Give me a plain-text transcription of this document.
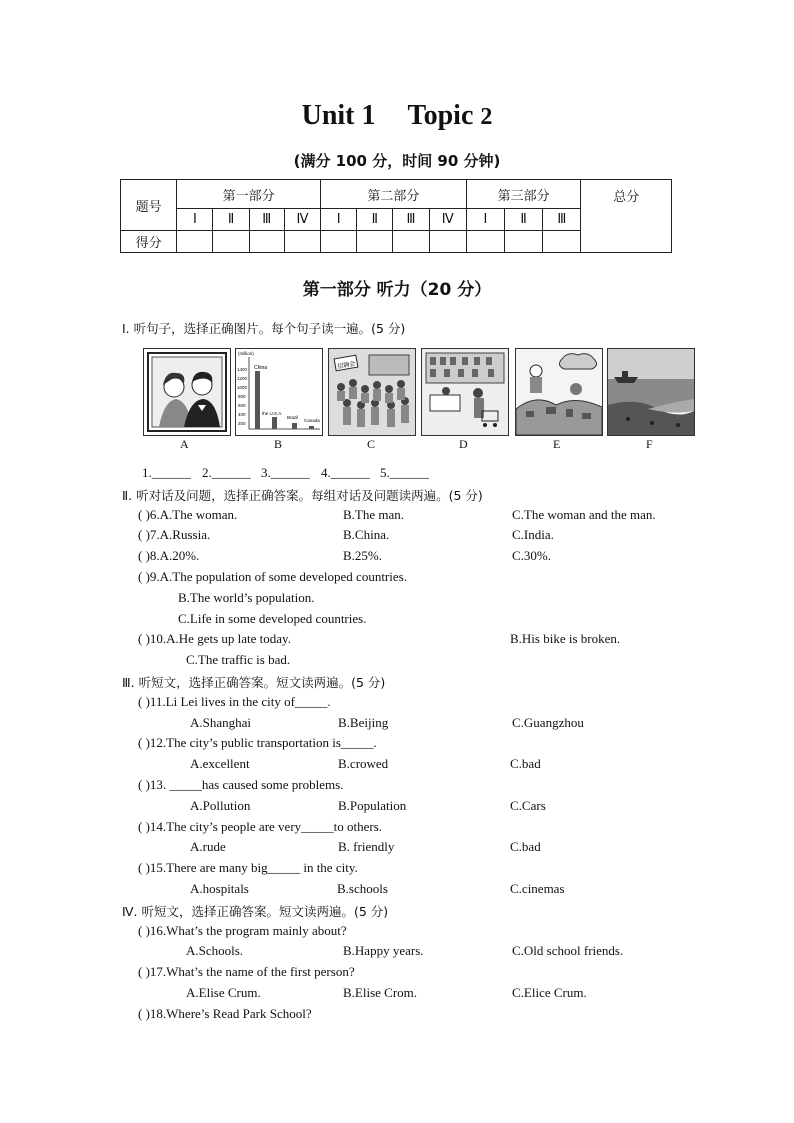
Unit 1 Topic 2
(满分 100 分，时间 90 分钟)
题号	第一部分				第二部分				第三部分			总分
	Ⅰ	Ⅱ	Ⅲ	Ⅳ	Ⅰ	Ⅱ	Ⅲ	Ⅳ	Ⅰ	Ⅱ	Ⅲ	
得分												
第一部分 听力（20 分）
Ⅰ. 听句子，选择正确图片。每个句子读一遍。(5 分)
A
(million)
1400
1200
1000
800
600
400
200
China
the U.S.A.
Brazil
Canada
B
招聘会
C	D	E	F
1.______ 2.______ 3.______ 4.______ 5.______
Ⅱ. 听对话及问题，选择正确答案。每组对话及问题读两遍。(5 分)
( )6.A.The woman.	B.The man.	C.The woman and the man.
( )7.A.Russia.	B.China.	C.India.
( )8.A.20%.	B.25%.	C.30%.
( )9.A.The population of some developed countries.
B.The world’s population.
C.Life in some developed countries.
( )10.A.He gets up late today.	B.His bike is broken.
C.The traffic is bad.
Ⅲ. 听短文，选择正确答案。短文读两遍。(5 分)
( )11.Li Lei lives in the city of_____.
A.Shanghai	B.Beijing	C.Guangzhou
( )12.The city’s public transportation is_____.
A.excellent	B.crowed	C.bad
( )13. _____has caused some problems.
A.Pollution	B.Population	C.Cars
( )14.The city’s people are very_____to others.
A.rude	B. friendly	C.bad
( )15.There are many big_____ in the city.
A.hospitals	B.schools	C.cinemas
Ⅳ. 听短文，选择正确答案。短文读两遍。(5 分)
( )16.What’s the program mainly about?
A.Schools.	B.Happy years.	C.Old school friends.
( )17.What’s the name of the first person?
A.Elise Crum.	B.Elise Crom.	C.Elice Crum.
( )18.Where’s Read Park School?
